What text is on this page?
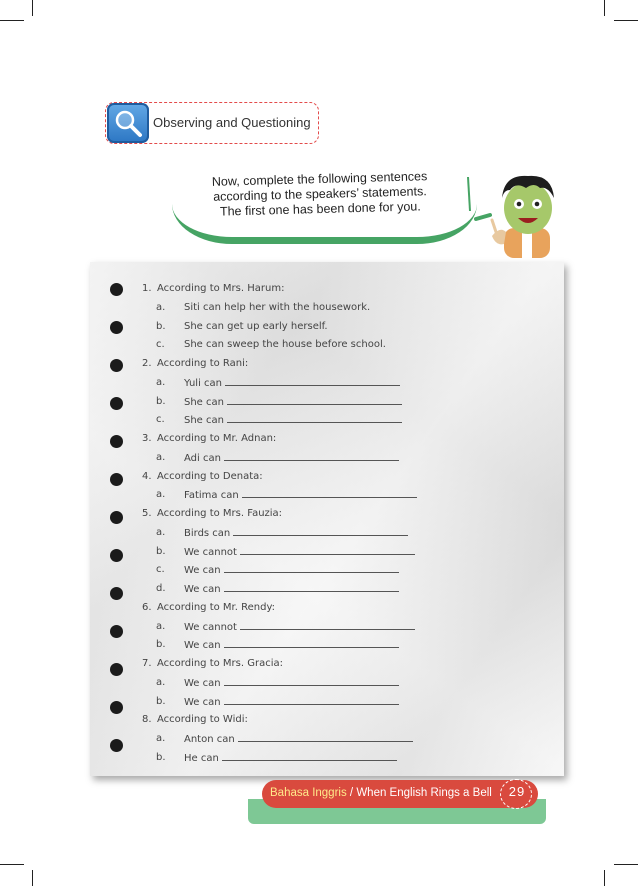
Observing and Questioning
Now, complete the following sentences
according to the speakers’ statements.
The first one has been done for you.
1. According to Mrs. Harum:
a. Siti can help her with the housework.
b. She can get up early herself.
c. She can sweep the house before school.
2. According to Rani:
a. Yuli can
b. She can
c. She can
3. According to Mr. Adnan:
a. Adi can
4. According to Denata:
a. Fatima can
5. According to Mrs. Fauzia:
a. Birds can
b. We cannot
c. We can
d. We can
6. According to Mr. Rendy:
a. We cannot
b. We can
7. According to Mrs. Gracia:
a. We can
b. We can
8. According to Widi:
a. Anton can
b. He can
Bahasa Inggris / When English Rings a Bell	29
